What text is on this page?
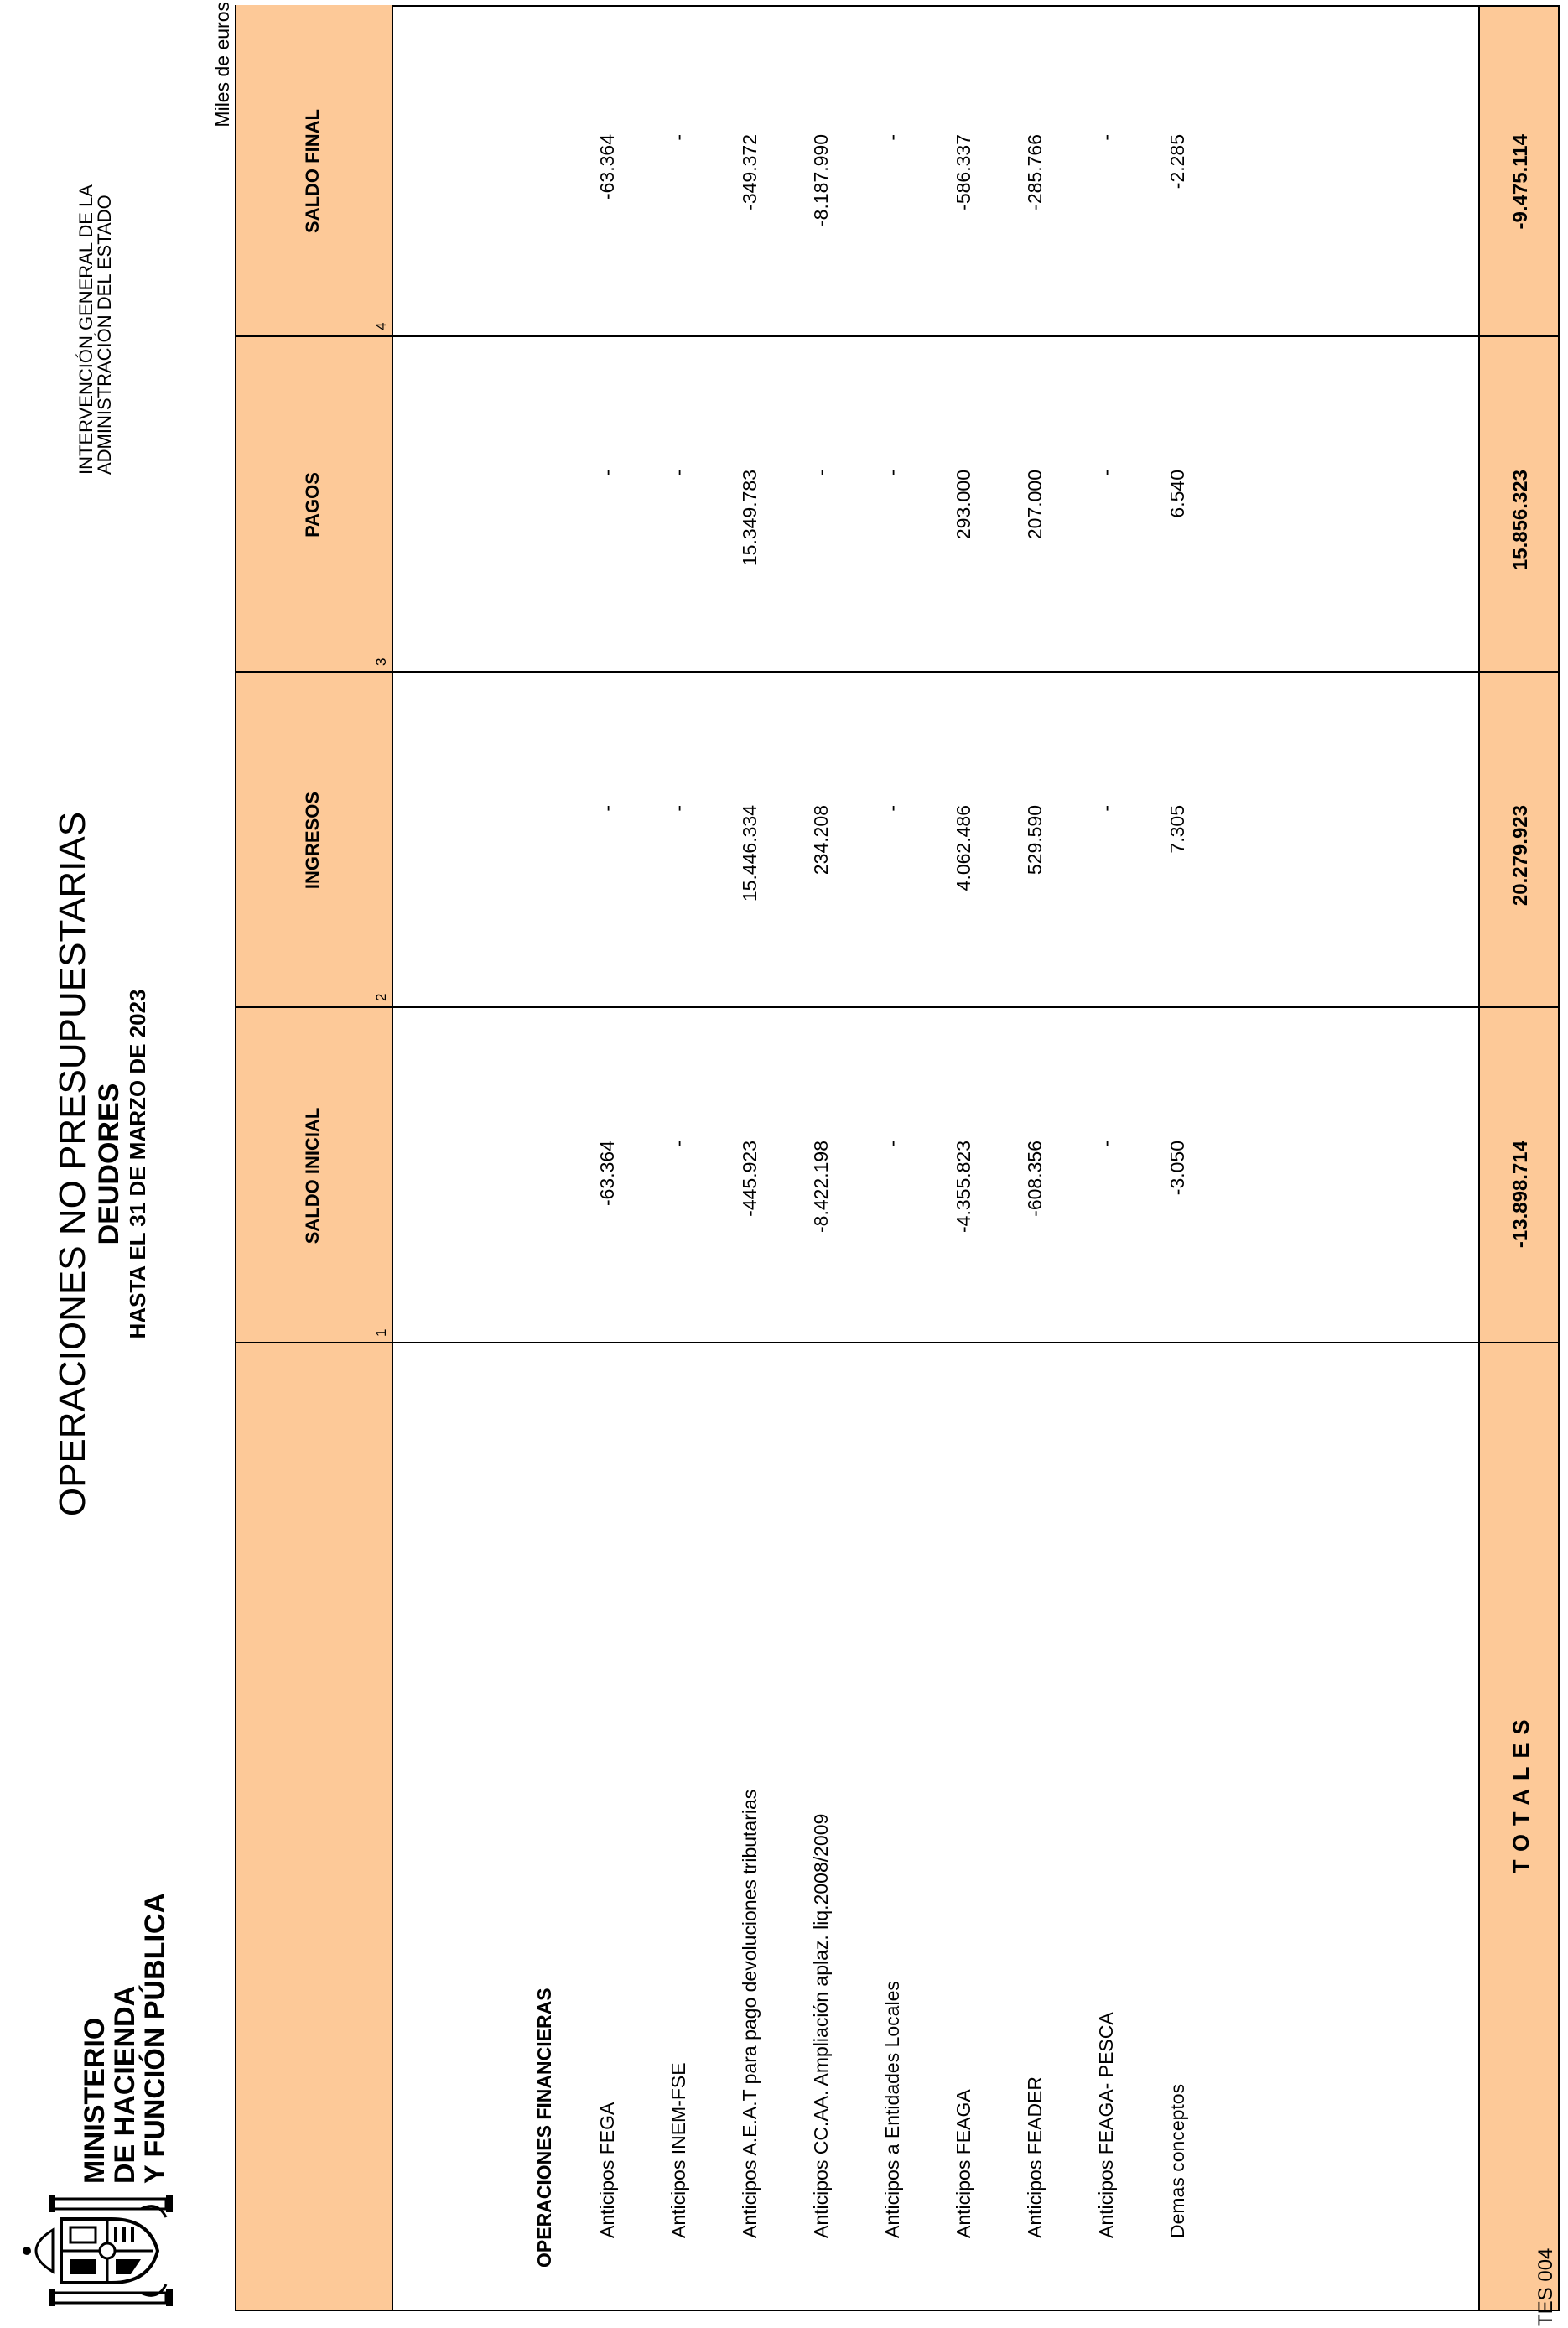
MINISTERIO
DE HACIENDA
Y FUNCIÓN PÚBLICA
OPERACIONES NO PRESUPUESTARIAS DEUDORES HASTA EL 31 DE MARZO DE 2023
INTERVENCIÓN GENERAL DE LA
ADMINISTRACIÓN DEL ESTADO
Miles de euros
SALDO INICIAL
1
INGRESOS
2
PAGOS
3
SALDO FINAL
4
OPERACIONES FINANCIERAS Anticipos FEGA
-63.364
-
-
-63.364
Anticipos INEM-FSE
-
-
-
-
Anticipos A.E.A.T para pago devoluciones tributarias
-445.923
15.446.334
15.349.783
-349.372
Anticipos CC.AA. Ampliación aplaz. liq.2008/2009
-8.422.198
234.208
-
-8.187.990
Anticipos a Entidades Locales
-
-
-
-
Anticipos FEAGA
-4.355.823
4.062.486
293.000
-586.337
Anticipos FEADER
-608.356
529.590
207.000
-285.766
Anticipos FEAGA- PESCA
-
-
-
-
Demas conceptos
-3.050
7.305
6.540
-2.285
TOTALES
-13.898.714
20.279.923
15.856.323
-9.475.114
TES 004
